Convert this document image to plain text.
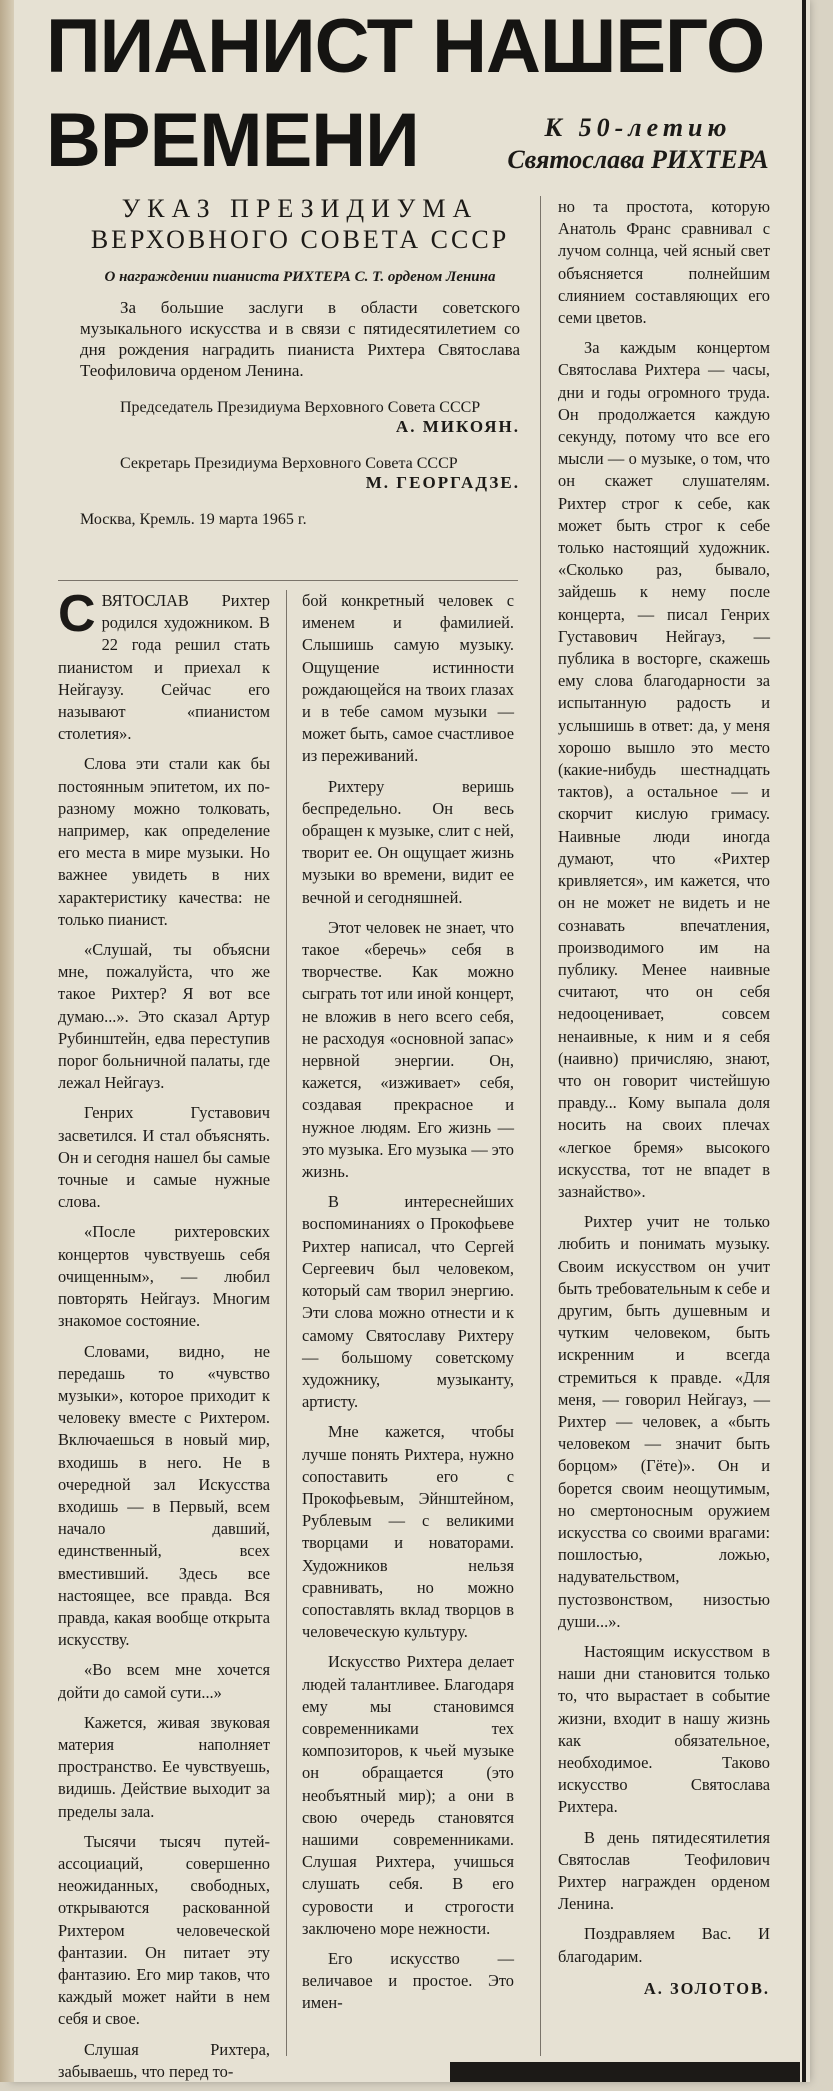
ПИАНИСТ НАШЕГО
ВРЕМЕНИ	К 50-летию
Святослава РИХТЕРА
УКАЗ ПРЕЗИДИУМА
ВЕРХОВНОГО СОВЕТА СССР
О награждении пианиста РИХТЕРА С. Т. орденом Ленина
За большие заслуги в области советского музыкального искусства и в связи с пятидесятилетием со дня рождения наградить пианиста Рихтера Святослава Теофиловича орденом Ленина.
Председатель Президиума Верховного Совета СССР
А. МИКОЯН.
Секретарь Президиума Верховного Совета СССР
М. ГЕОРГАДЗЕ.
Москва, Кремль. 19 марта 1965 г.

СВЯТОСЛАВ Рихтер родился художником. В 22 года решил стать пианистом и приехал к Нейгаузу. Сейчас его называют «пианистом столетия».

Слова эти стали как бы постоянным эпитетом, их по-разному можно толковать, например, как определение его места в мире музыки. Но важнее увидеть в них характеристику качества: не только пианист.

«Слушай, ты объясни мне, пожалуйста, что же такое Рихтер? Я вот все думаю...». Это сказал Артур Рубинштейн, едва переступив порог больничной палаты, где лежал Нейгауз.

Генрих Густавович засветился. И стал объяснять. Он и сегодня нашел бы самые точные и самые нужные слова.

«После рихтеровских концертов чувствуешь себя очищенным», — любил повторять Нейгауз. Многим знакомое состояние.

Словами, видно, не передашь то «чувство музыки», которое приходит к человеку вместе с Рихтером. Включаешься в новый мир, входишь в него. Не в очередной зал Искусства входишь — в Первый, всем начало давший, единственный, всех вместивший. Здесь все настоящее, все правда. Вся правда, какая вообще открыта искусству.

«Во всем мне хочется дойти до самой сути...»

Кажется, живая звуковая материя наполняет пространство. Ее чувствуешь, видишь. Действие выходит за пределы зала.

Тысячи тысяч путей-ассоциаций, совершенно неожиданных, свободных, открываются раскованной Рихтером человеческой фантазии. Он питает эту фантазию. Его мир таков, что каждый может найти в нем себя и свое.

Слушая Рихтера, забываешь, что перед то-

бой конкретный человек с именем и фамилией. Слышишь самую музыку. Ощущение истинности рождающейся на твоих глазах и в тебе самом музыки — может быть, самое счастливое из переживаний.

Рихтеру веришь беспредельно. Он весь обращен к музыке, слит с ней, творит ее. Он ощущает жизнь музыки во времени, видит ее вечной и сегодняшней.

Этот человек не знает, что такое «беречь» себя в творчестве. Как можно сыграть тот или иной концерт, не вложив в него всего себя, не расходуя «основной запас» нервной энергии. Он, кажется, «изживает» себя, создавая прекрасное и нужное людям. Его жизнь — это музыка. Его музыка — это жизнь.

В интереснейших воспоминаниях о Прокофьеве Рихтер написал, что Сергей Сергеевич был человеком, который сам творил энергию. Эти слова можно отнести и к самому Святославу Рихтеру — большому советскому художнику, музыканту, артисту.

Мне кажется, чтобы лучше понять Рихтера, нужно сопоставить его с Прокофьевым, Эйнштейном, Рублевым — с великими творцами и новаторами. Художников нельзя сравнивать, но можно сопоставлять вклад творцов в человеческую культуру.

Искусство Рихтера делает людей талантливее. Благодаря ему мы становимся современниками тех композиторов, к чьей музыке он обращается (это необъятный мир); а они в свою очередь становятся нашими современниками. Слушая Рихтера, учишься слушать себя. В его суровости и строгости заключено море нежности.

Его искусство — величавое и простое. Это имен-

но та простота, которую Анатоль Франс сравнивал с лучом солнца, чей ясный свет объясняется полнейшим слиянием составляющих его семи цветов.

За каждым концертом Святослава Рихтера — часы, дни и годы огромного труда. Он продолжается каждую секунду, потому что все его мысли — о музыке, о том, что он скажет слушателям. Рихтер строг к себе, как может быть строг к себе только настоящий художник. «Сколько раз, бывало, зайдешь к нему после концерта, — писал Генрих Густавович Нейгауз, — публика в восторге, скажешь ему слова благодарности за испытанную радость и услышишь в ответ: да, у меня хорошо вышло это место (какие-нибудь шестнадцать тактов), а остальное — и скорчит кислую гримасу. Наивные люди иногда думают, что «Рихтер кривляется», им кажется, что он не может не видеть и не сознавать впечатления, производимого им на публику. Менее наивные считают, что он себя недооценивает, совсем ненаивные, к ним и я себя (наивно) причисляю, знают, что он говорит чистейшую правду... Кому выпала доля носить на своих плечах «легкое бремя» высокого искусства, тот не впадет в зазнайство».

Рихтер учит не только любить и понимать музыку. Своим искусством он учит быть требовательным к себе и другим, быть душевным и чутким человеком, быть искренним и всегда стремиться к правде. «Для меня, — говорил Нейгауз, — Рихтер — человек, а «быть человеком — значит быть борцом» (Гёте)». Он и борется своим неощутимым, но смертоносным оружием искусства со своими врагами: пошлостью, ложью, надувательством, пустозвонством, низостью души...».

Настоящим искусством в наши дни становится только то, что вырастает в событие жизни, входит в нашу жизнь как обязательное, необходимое. Таково искусство Святослава Рихтера.

В день пятидесятилетия Святослав Теофилович Рихтер награжден орденом Ленина.

Поздравляем Вас. И благодарим.

А. ЗОЛОТОВ.
